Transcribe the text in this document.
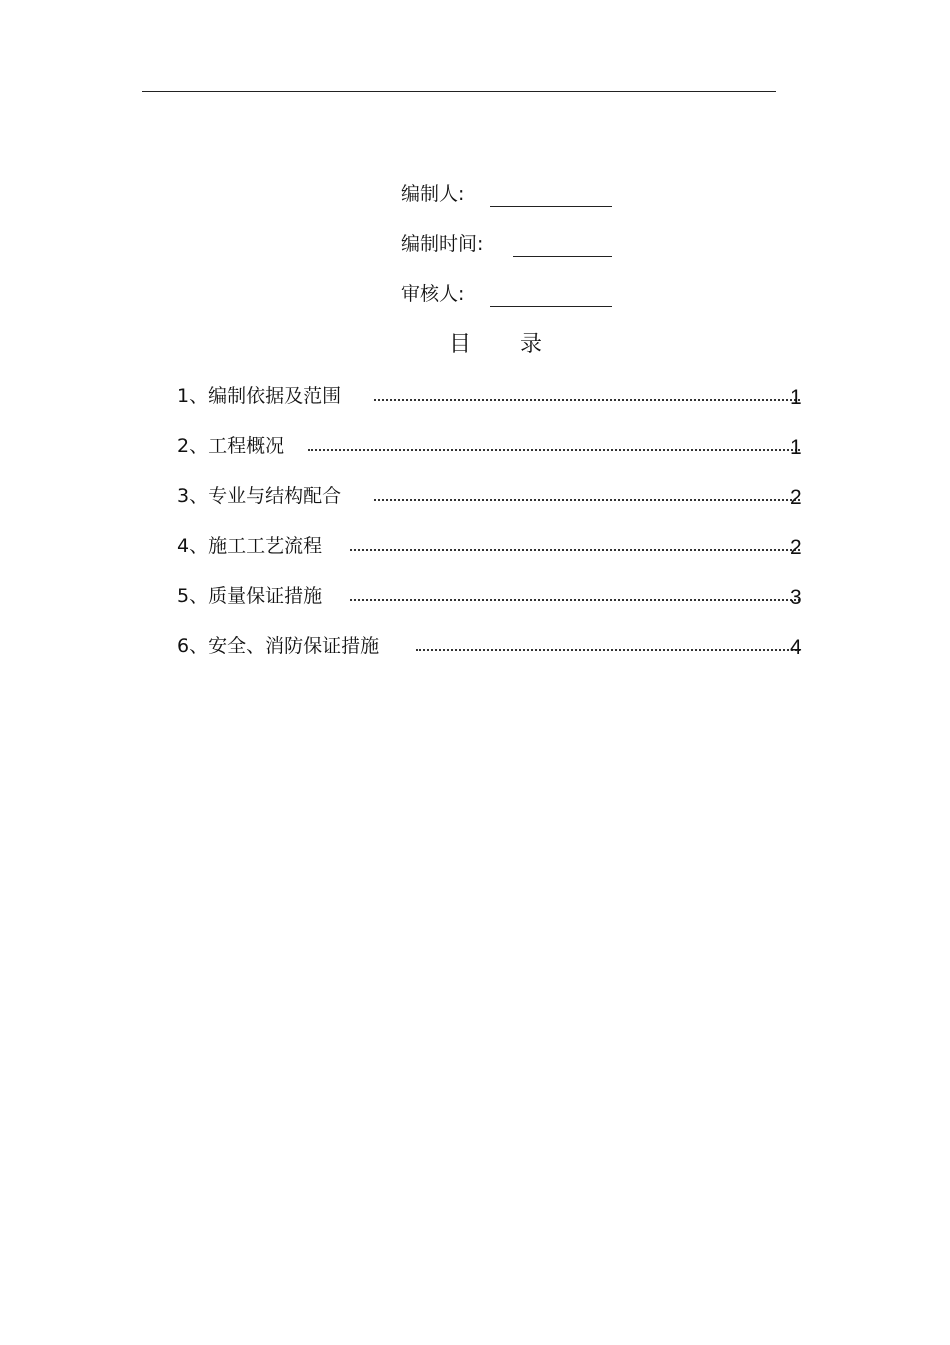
编制人:
编制时间:
审核人:
目       录
1、编制依据及范围	1
2、工程概况	1
3、专业与结构配合	2
4、施工工艺流程	2
5、质量保证措施	3
6、安全、消防保证措施	4
